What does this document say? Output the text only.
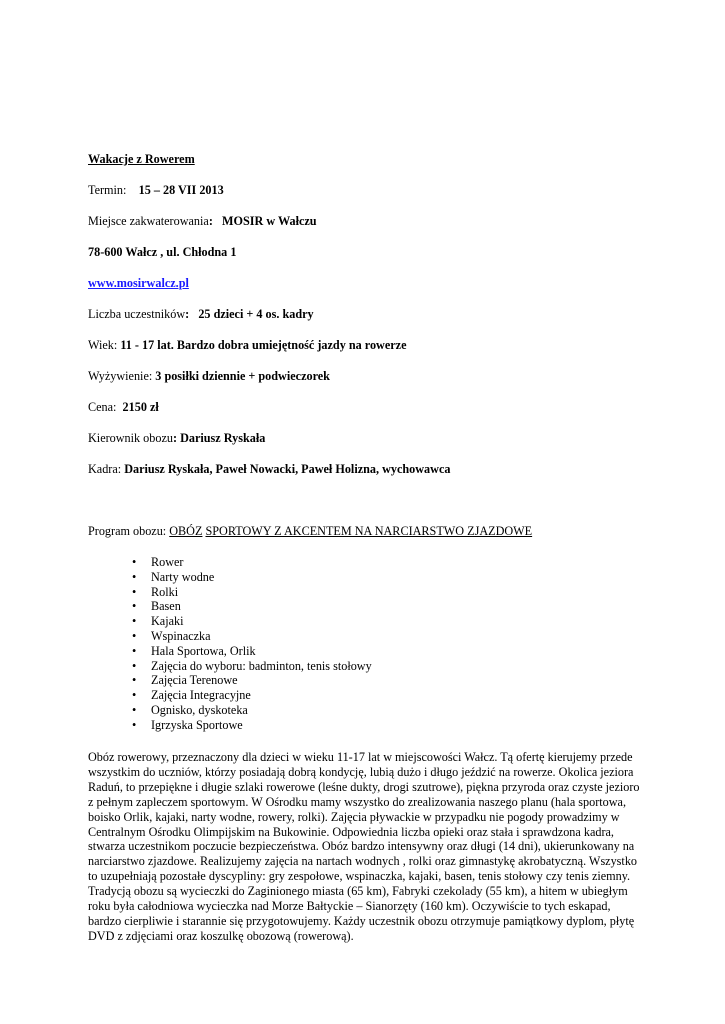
Wakacje z Rowerem
Termin: 15 – 28 VII 2013
Miejsce zakwaterowania: MOSIR w Wałczu
78-600 Wałcz , ul. Chłodna 1
www.mosirwalcz.pl
Liczba uczestników: 25 dzieci + 4 os. kadry
Wiek: 11 - 17 lat. Bardzo dobra umiejętność jazdy na rowerze
Wyżywienie: 3 posiłki dziennie + podwieczorek
Cena: 2150 zł
Kierownik obozu: Dariusz Ryskała
Kadra: Dariusz Ryskała, Paweł Nowacki, Paweł Holizna, wychowawca
Program obozu: OBÓZ SPORTOWY Z AKCENTEM NA NARCIARSTWO ZJAZDOWE
• Rower
• Narty wodne
• Rolki
• Basen
• Kajaki
• Wspinaczka
• Hala Sportowa, Orlik
• Zajęcia do wyboru: badminton, tenis stołowy
• Zajęcia Terenowe
• Zajęcia Integracyjne
• Ognisko, dyskoteka
• Igrzyska Sportowe
Obóz rowerowy, przeznaczony dla dzieci w wieku 11-17 lat w miejscowości Wałcz. Tą ofertę kierujemy przede
wszystkim do uczniów, którzy posiadają dobrą kondycję, lubią dużo i długo jeździć na rowerze. Okolica jeziora
Raduń, to przepiękne i długie szlaki rowerowe (leśne dukty, drogi szutrowe), piękna przyroda oraz czyste jezioro
z pełnym zapleczem sportowym. W Ośrodku mamy wszystko do zrealizowania naszego planu (hala sportowa,
boisko Orlik, kajaki, narty wodne, rowery, rolki). Zajęcia pływackie w przypadku nie pogody prowadzimy w
Centralnym Ośrodku Olimpijskim na Bukowinie. Odpowiednia liczba opieki oraz stała i sprawdzona kadra,
stwarza uczestnikom poczucie bezpieczeństwa. Obóz bardzo intensywny oraz długi (14 dni), ukierunkowany na
narciarstwo zjazdowe. Realizujemy zajęcia na nartach wodnych , rolki oraz gimnastykę akrobatyczną. Wszystko
to uzupełniają pozostałe dyscypliny: gry zespołowe, wspinaczka, kajaki, basen, tenis stołowy czy tenis ziemny.
Tradycją obozu są wycieczki do Zaginionego miasta (65 km), Fabryki czekolady (55 km), a hitem w ubiegłym
roku była całodniowa wycieczka nad Morze Bałtyckie – Sianorzęty (160 km). Oczywiście to tych eskapad,
bardzo cierpliwie i starannie się przygotowujemy. Każdy uczestnik obozu otrzymuje pamiątkowy dyplom, płytę
DVD z zdjęciami oraz koszulkę obozową (rowerową).
